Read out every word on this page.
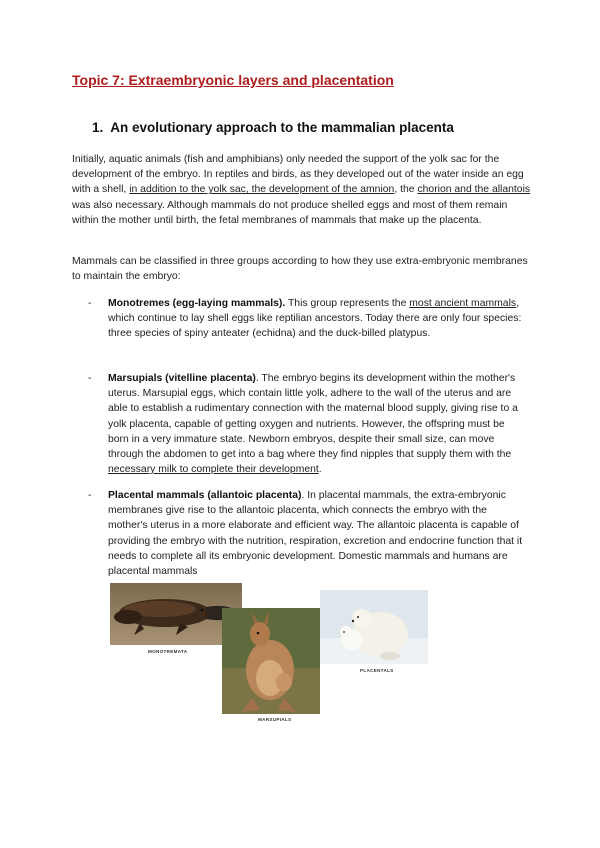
Topic 7: Extraembryonic layers and placentation
1. An evolutionary approach to the mammalian placenta

Initially, aquatic animals (fish and amphibians) only needed the support of the yolk sac for the development of the embryo. In reptiles and birds, as they developed out of the water inside an egg with a shell, in addition to the yolk sac, the development of the amnion, the chorion and the allantois was also necessary. Although mammals do not produce shelled eggs and most of them remain within the mother until birth, the fetal membranes of mammals that make up the placenta.

Mammals can be classified in three groups according to how they use extra-embryonic membranes to maintain the embryo:

- Monotremes (egg-laying mammals). This group represents the most ancient mammals, which continue to lay shell eggs like reptilian ancestors. Today there are only four species: three species of spiny anteater (echidna) and the duck-billed platypus.
- Marsupials (vitelline placenta). The embryo begins its development within the mother's uterus. Marsupial eggs, which contain little yolk, adhere to the wall of the uterus and are able to establish a rudimentary connection with the maternal blood supply, giving rise to a yolk placenta, capable of getting oxygen and nutrients. However, the offspring must be born in a very immature state. Newborn embryos, despite their small size, can move through the abdomen to get into a bag where they find nipples that supply them with the necessary milk to complete their development.
- Placental mammals (allantoic placenta). In placental mammals, the extra-embryonic membranes give rise to the allantoic placenta, which connects the embryo with the mother's uterus in a more elaborate and efficient way. The allantoic placenta is capable of providing the embryo with the nutrition, respiration, excretion and endocrine function that it needs to complete all its embryonic development. Domestic mammals and humans are placental mammals
MONOTREMATA
MARSUPIALS
PLACENTALS
